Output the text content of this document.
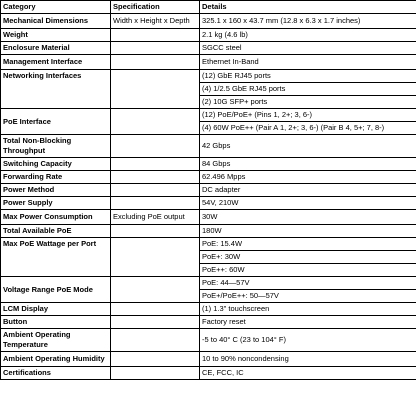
Category	Specification	Details
Mechanical Dimensions	Width x Height x Depth	325.1 x 160 x 43.7 mm (12.8 x 6.3 x 1.7 inches)
Weight		2.1 kg (4.6 lb)
Enclosure Material		SGCC steel
Management Interface		Ethernet In-Band
Networking Interfaces		(12) GbE RJ45 ports
		(4) 1/2.5 GbE RJ45 ports
		(2) 10G SFP+ ports
PoE Interface		(12) PoE/PoE+ (Pins 1, 2+; 3, 6-)
		(4) 60W PoE++ (Pair A 1, 2+; 3, 6-) (Pair B 4, 5+; 7, 8-)
Total Non-Blocking Throughput		42 Gbps
Switching Capacity		84 Gbps
Forwarding Rate		62.496 Mpps
Power Method		DC adapter
Power Supply		54V, 210W
Max Power Consumption	Excluding PoE output	30W
Total Available PoE		180W
Max PoE Wattage per Port		PoE: 15.4W
		PoE+: 30W
		PoE++: 60W
Voltage Range PoE Mode		PoE: 44—57V
		PoE+/PoE++: 50—57V
LCM Display		(1) 1.3" touchscreen
Button		Factory reset
Ambient Operating Temperature		-5 to 40° C (23 to 104° F)
Ambient Operating Humidity		10 to 90% noncondensing
Certifications		CE, FCC, IC
